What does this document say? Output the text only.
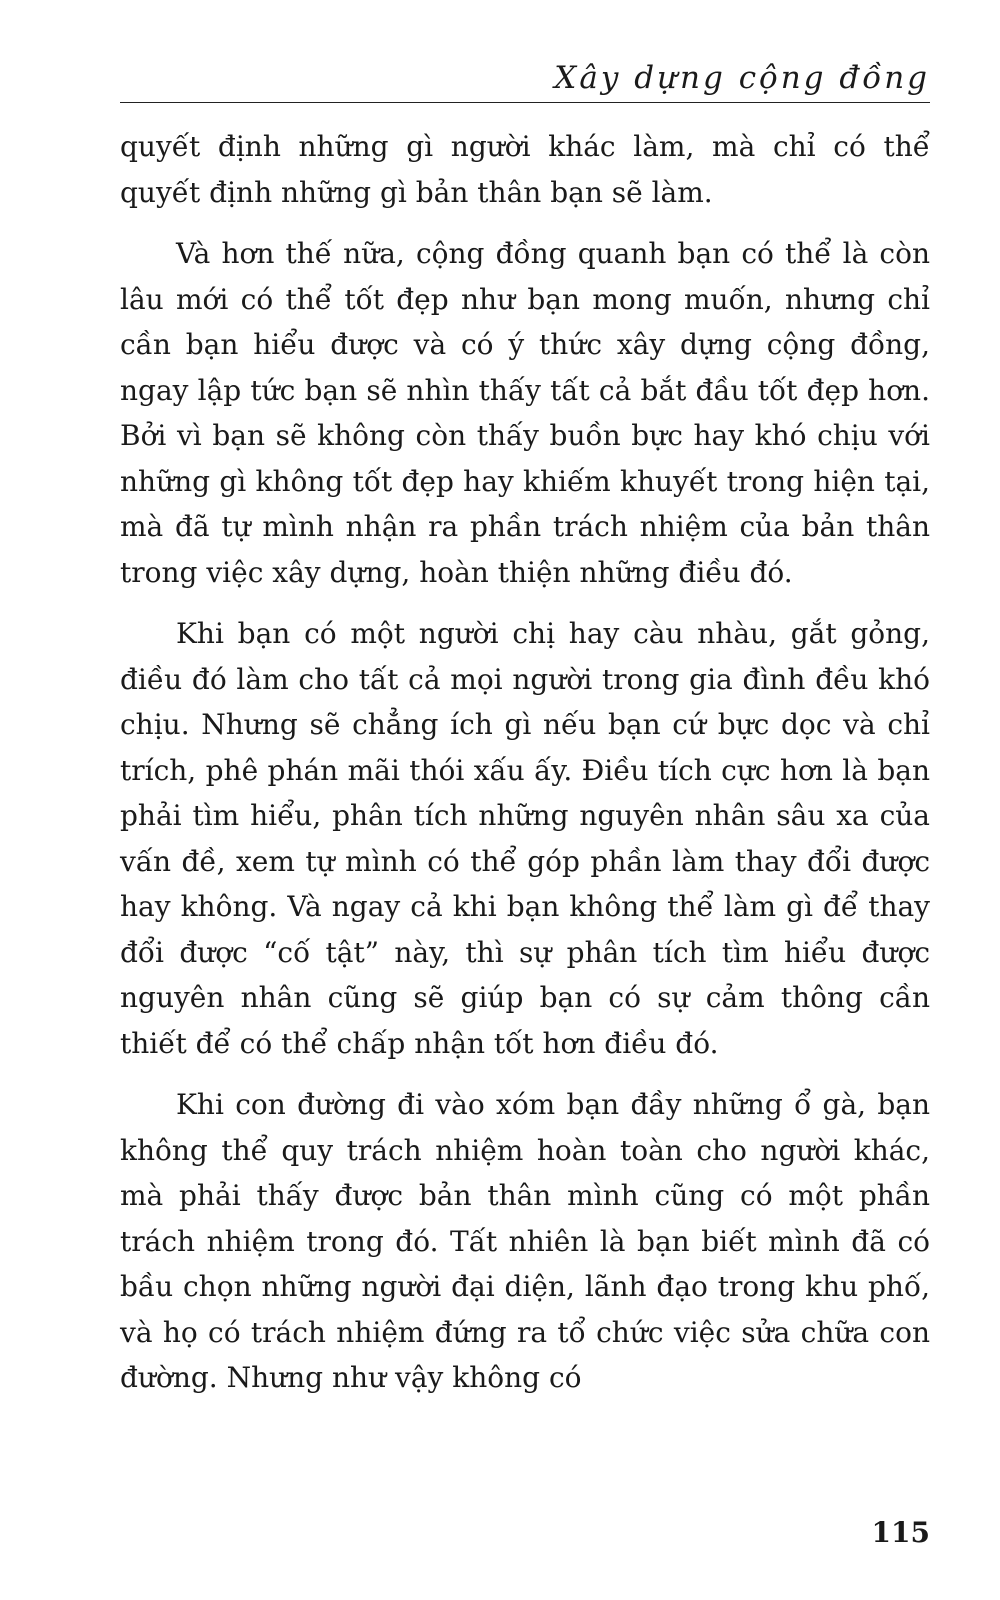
Xây dựng cộng đồng

quyết định những gì người khác làm, mà chỉ có thể quyết định những gì bản thân bạn sẽ làm.

Và hơn thế nữa, cộng đồng quanh bạn có thể là còn lâu mới có thể tốt đẹp như bạn mong muốn, nhưng chỉ cần bạn hiểu được và có ý thức xây dựng cộng đồng, ngay lập tức bạn sẽ nhìn thấy tất cả bắt đầu tốt đẹp hơn. Bởi vì bạn sẽ không còn thấy buồn bực hay khó chịu với những gì không tốt đẹp hay khiếm khuyết trong hiện tại, mà đã tự mình nhận ra phần trách nhiệm của bản thân trong việc xây dựng, hoàn thiện những điều đó.

Khi bạn có một người chị hay càu nhàu, gắt gỏng, điều đó làm cho tất cả mọi người trong gia đình đều khó chịu. Nhưng sẽ chẳng ích gì nếu bạn cứ bực dọc và chỉ trích, phê phán mãi thói xấu ấy. Điều tích cực hơn là bạn phải tìm hiểu, phân tích những nguyên nhân sâu xa của vấn đề, xem tự mình có thể góp phần làm thay đổi được hay không. Và ngay cả khi bạn không thể làm gì để thay đổi được “cố tật” này, thì sự phân tích tìm hiểu được nguyên nhân cũng sẽ giúp bạn có sự cảm thông cần thiết để có thể chấp nhận tốt hơn điều đó.

Khi con đường đi vào xóm bạn đầy những ổ gà, bạn không thể quy trách nhiệm hoàn toàn cho người khác, mà phải thấy được bản thân mình cũng có một phần trách nhiệm trong đó. Tất nhiên là bạn biết mình đã có bầu chọn những người đại diện, lãnh đạo trong khu phố, và họ có trách nhiệm đứng ra tổ chức việc sửa chữa con đường. Nhưng như vậy không có

115
